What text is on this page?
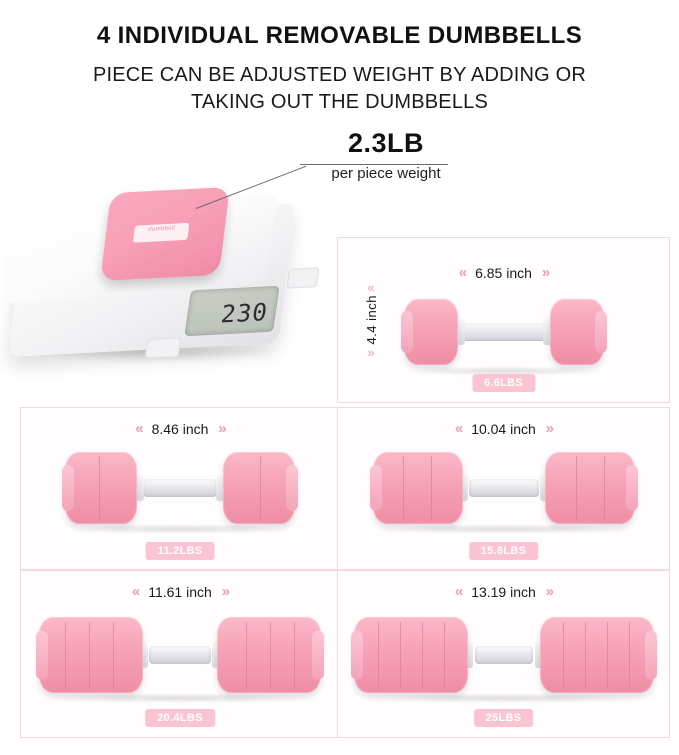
4 INDIVIDUAL REMOVABLE DUMBBELLS
PIECE CAN BE ADJUSTED WEIGHT BY ADDING OR TAKING OUT THE DUMBBELLS
dumbbell
230
2.3LB
per piece weight
« 6.85 inch »
«
4.4 inch
»
6.6LBS
« 8.46 inch »
11.2LBS
« 10.04 inch »
15.8LBS
« 11.61 inch »
20.4LBS
« 13.19 inch »
25LBS
